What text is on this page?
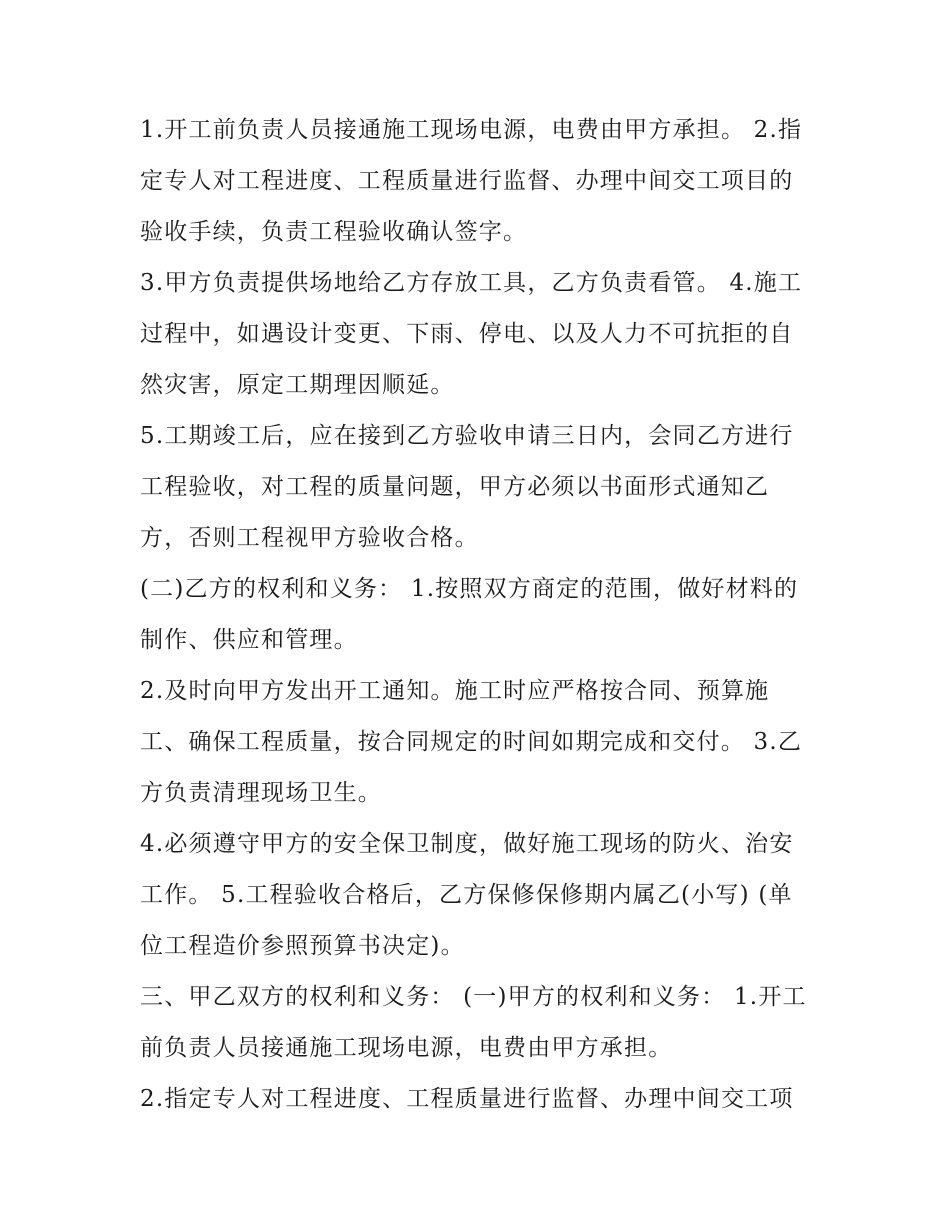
1.开工前负责人员接通施工现场电源，电费由甲方承担。 2.指
定专人对工程进度、工程质量进行监督、办理中间交工项目的
验收手续，负责工程验收确认签字。
3.甲方负责提供场地给乙方存放工具，乙方负责看管。 4.施工
过程中，如遇设计变更、下雨、停电、以及人力不可抗拒的自
然灾害，原定工期理因顺延。
5.工期竣工后，应在接到乙方验收申请三日内，会同乙方进行
工程验收，对工程的质量问题，甲方必须以书面形式通知乙
方，否则工程视甲方验收合格。
(二)乙方的权利和义务： 1.按照双方商定的范围，做好材料的
制作、供应和管理。
2.及时向甲方发出开工通知。施工时应严格按合同、预算施
工、确保工程质量，按合同规定的时间如期完成和交付。 3.乙
方负责清理现场卫生。
4.必须遵守甲方的安全保卫制度，做好施工现场的防火、治安
工作。 5.工程验收合格后，乙方保修保修期内属乙(小写) (单
位工程造价参照预算书决定)。
三、甲乙双方的权利和义务： (一)甲方的权利和义务： 1.开工
前负责人员接通施工现场电源，电费由甲方承担。
2.指定专人对工程进度、工程质量进行监督、办理中间交工项
